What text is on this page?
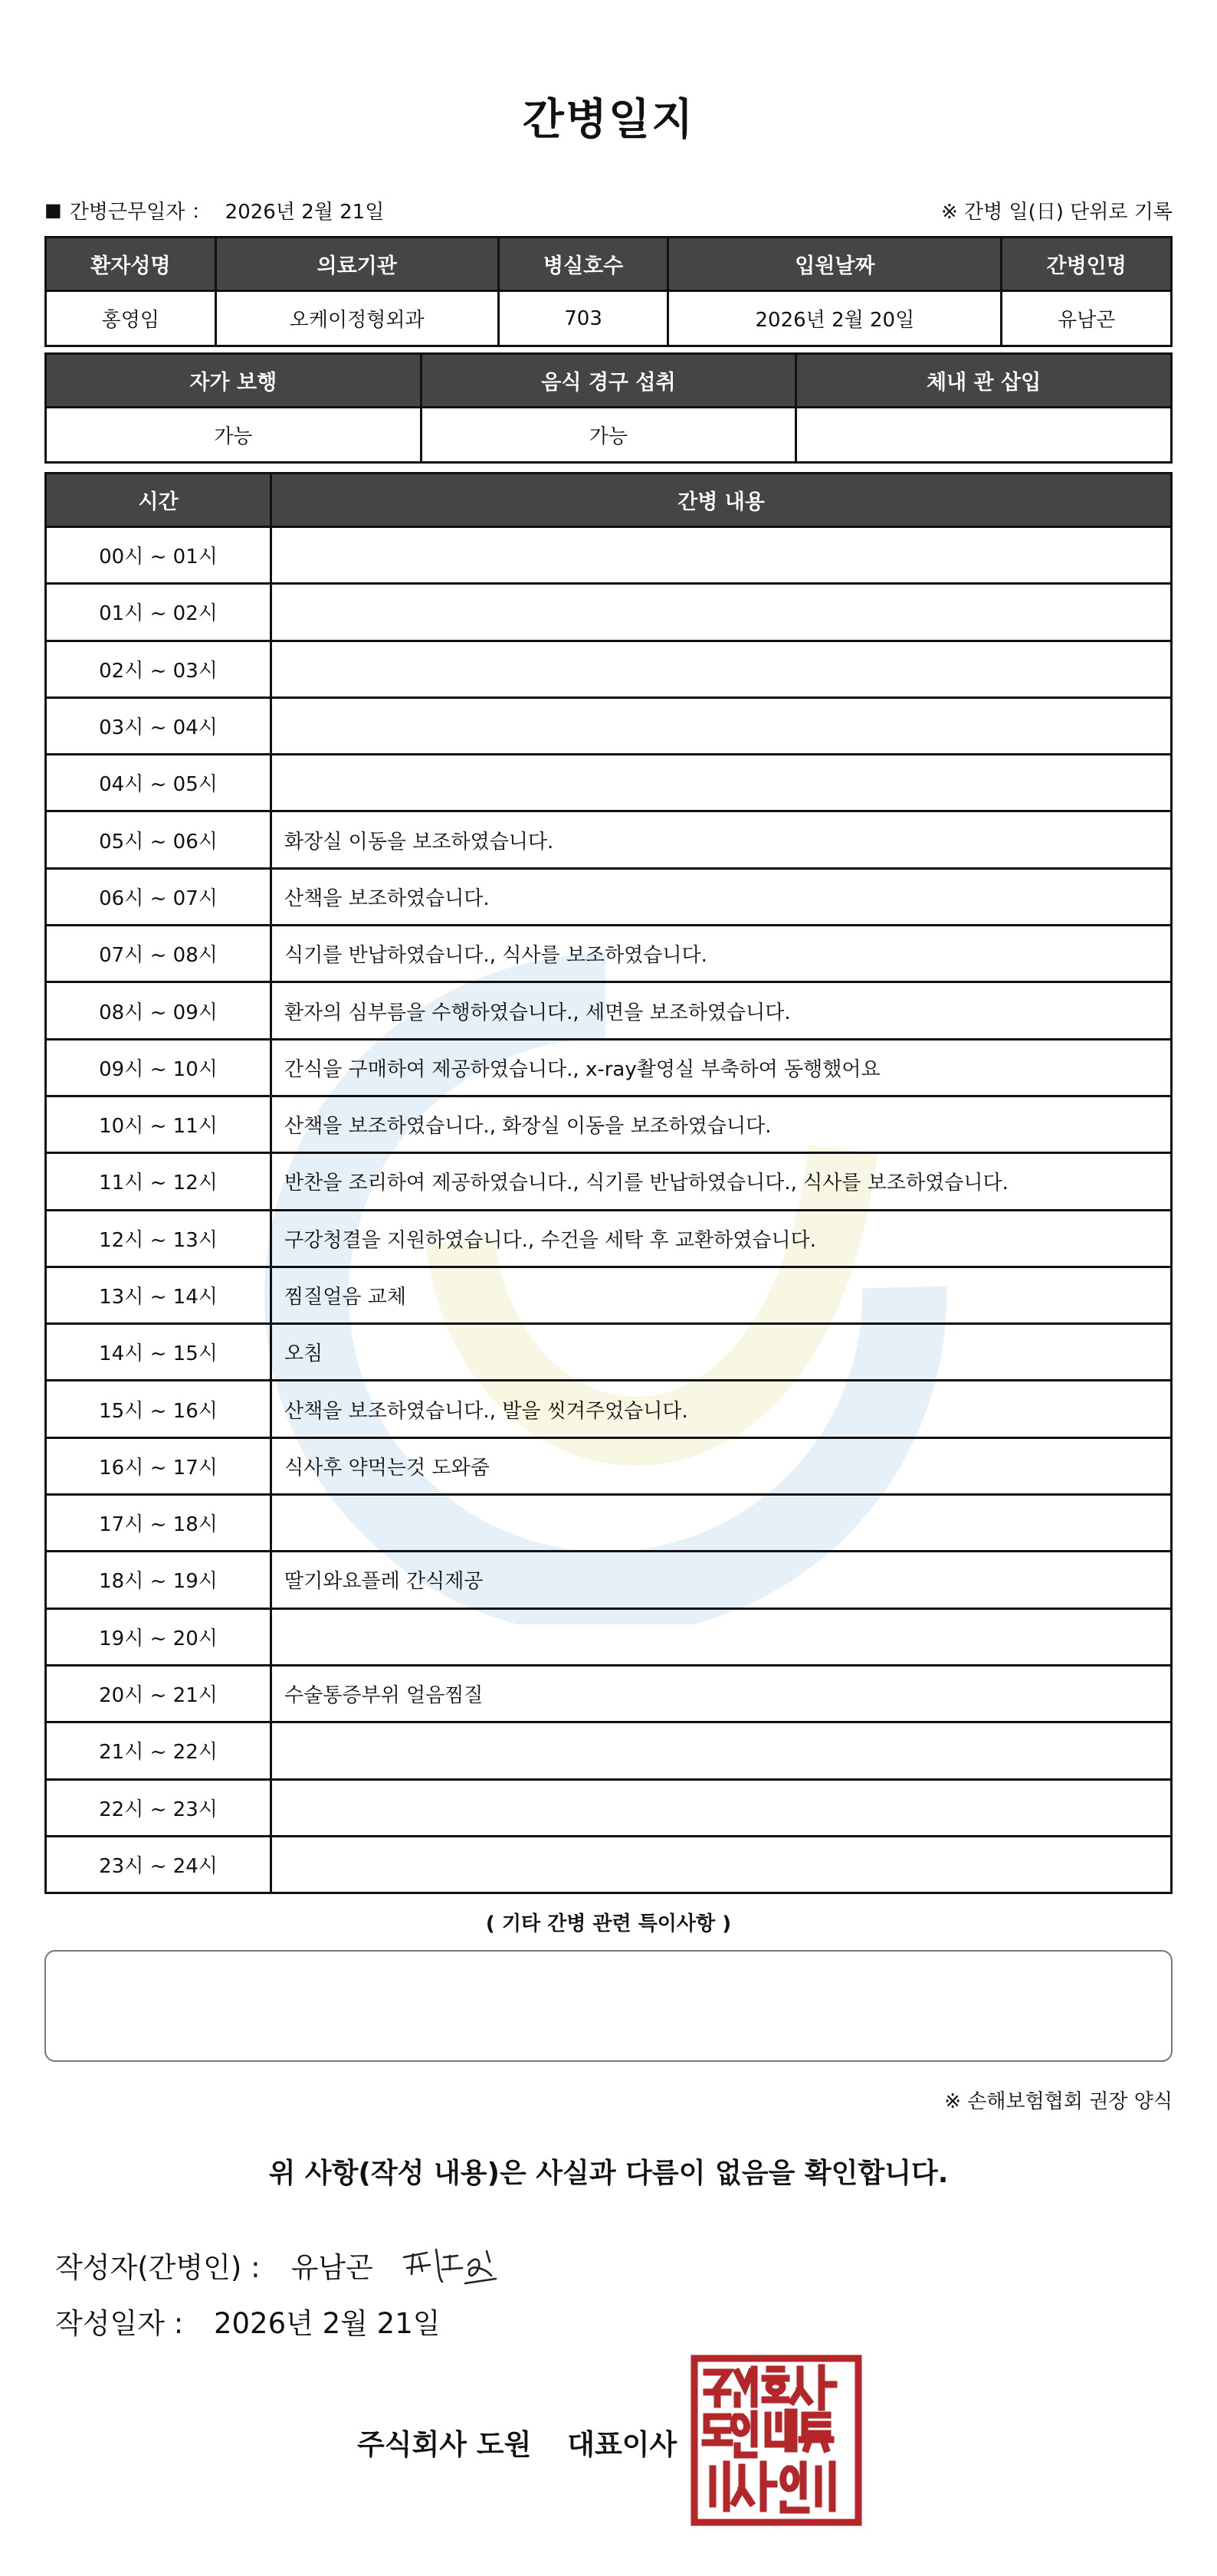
간병일지
■ 간병근무일자 ： 2026년 2월 21일	※ 간병 일(日) 단위로 기록
환자성명	의료기관	병실호수	입원날짜	간병인명
홍영임	오케이정형외과	703	2026년 2월 20일	유남곤
자가 보행	음식 경구 섭취	체내 관 삽입
가능	가능	
시간	간병 내용
00시 ~ 01시	
01시 ~ 02시	
02시 ~ 03시	
03시 ~ 04시	
04시 ~ 05시	
05시 ~ 06시	화장실 이동을 보조하였습니다.
06시 ~ 07시	산책을 보조하였습니다.
07시 ~ 08시	식기를 반납하였습니다., 식사를 보조하였습니다.
08시 ~ 09시	환자의 심부름을 수행하였습니다., 세면을 보조하였습니다.
09시 ~ 10시	간식을 구매하여 제공하였습니다., x-ray촬영실 부축하여 동행했어요
10시 ~ 11시	산책을 보조하였습니다., 화장실 이동을 보조하였습니다.
11시 ~ 12시	반찬을 조리하여 제공하였습니다., 식기를 반납하였습니다., 식사를 보조하였습니다.
12시 ~ 13시	구강청결을 지원하였습니다., 수건을 세탁 후 교환하였습니다.
13시 ~ 14시	찜질얼음 교체
14시 ~ 15시	오침
15시 ~ 16시	산책을 보조하였습니다., 발을 씻겨주었습니다.
16시 ~ 17시	식사후 약먹는것 도와줌
17시 ~ 18시	
18시 ~ 19시	딸기와요플레 간식제공
19시 ~ 20시	
20시 ~ 21시	수술통증부위 얼음찜질
21시 ~ 22시	
22시 ~ 23시	
23시 ~ 24시	
( 기타 간병 관련 특이사항 )
※ 손해보험협회 권장 양식
위 사항(작성 내용)은 사실과 다름이 없음을 확인합니다.
작성자(간병인) : 유남곤
작성일자 : 2026년 2월 21일
주식회사 도원 대표이사
